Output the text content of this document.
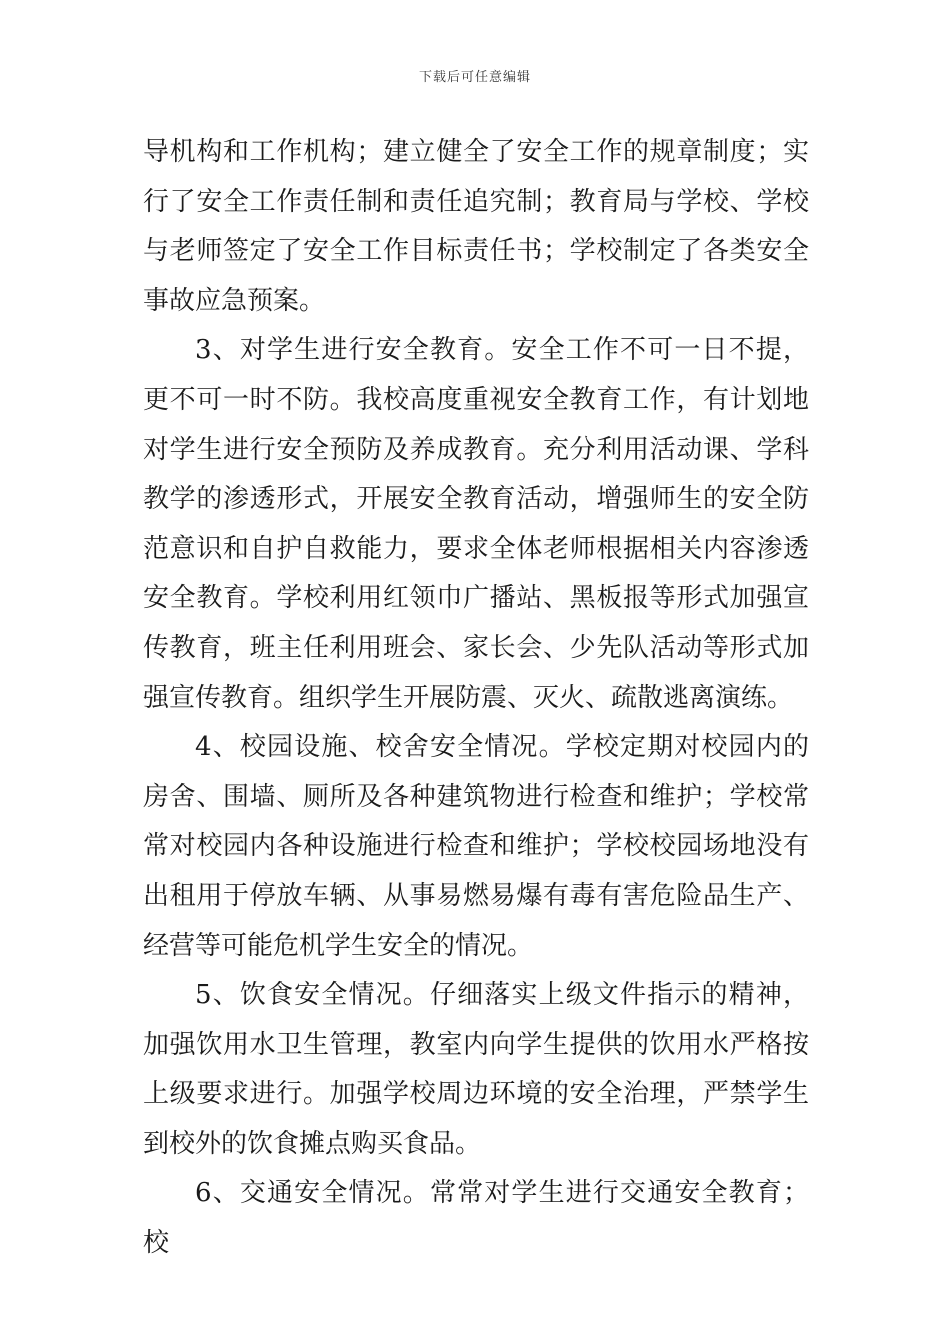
下载后可任意编辑

导机构和工作机构；建立健全了安全工作的规章制度；实行了安全工作责任制和责任追究制；教育局与学校、学校与老师签定了安全工作目标责任书；学校制定了各类安全事故应急预案。

3、对学生进行安全教育。安全工作不可一日不提，更不可一时不防。我校高度重视安全教育工作，有计划地对学生进行安全预防及养成教育。充分利用活动课、学科教学的渗透形式，开展安全教育活动，增强师生的安全防范意识和自护自救能力，要求全体老师根据相关内容渗透安全教育。学校利用红领巾广播站、黑板报等形式加强宣传教育，班主任利用班会、家长会、少先队活动等形式加强宣传教育。组织学生开展防震、灭火、疏散逃离演练。

4、校园设施、校舍安全情况。学校定期对校园内的房舍、围墙、厕所及各种建筑物进行检查和维护；学校常常对校园内各种设施进行检查和维护；学校校园场地没有出租用于停放车辆、从事易燃易爆有毒有害危险品生产、经营等可能危机学生安全的情况。

5、饮食安全情况。仔细落实上级文件指示的精神，加强饮用水卫生管理，教室内向学生提供的饮用水严格按上级要求进行。加强学校周边环境的安全治理，严禁学生到校外的饮食摊点购买食品。

6、交通安全情况。常常对学生进行交通安全教育；校
